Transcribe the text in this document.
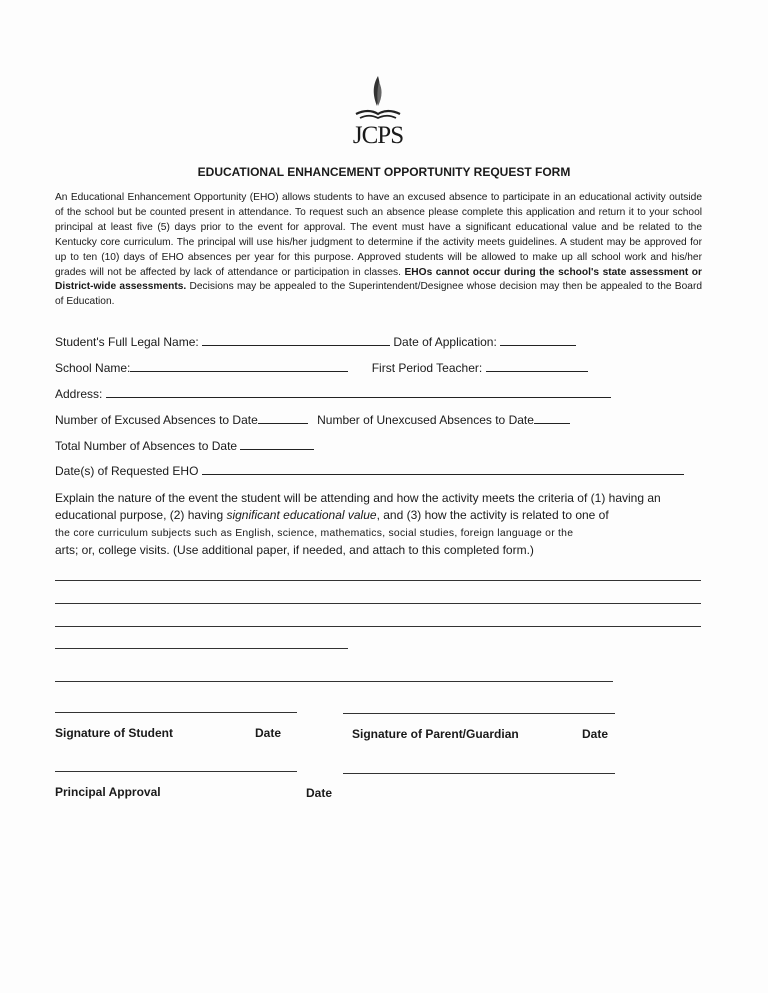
JCPS
EDUCATIONAL ENHANCEMENT OPPORTUNITY REQUEST FORM
An Educational Enhancement Opportunity (EHO) allows students to have an excused absence to participate in an educational activity outside of the school but be counted present in attendance. To request such an absence please complete this application and return it to your school principal at least five (5) days prior to the event for approval. The event must have a significant educational value and be related to the Kentucky core curriculum. The principal will use his/her judgment to determine if the activity meets guidelines. A student may be approved for up to ten (10) days of EHO absences per year for this purpose. Approved students will be allowed to make up all school work and his/her grades will not be affected by lack of attendance or participation in classes. EHOs cannot occur during the school's state assessment or District-wide assessments. Decisions may be appealed to the Superintendent/Designee whose decision may then be appealed to the Board of Education.
Student's Full Legal Name:	Date of Application:
School Name:	First Period Teacher:
Address:
Number of Excused Absences to Date	Number of Unexcused Absences to Date
Total Number of Absences to Date
Date(s) of Requested EHO
Explain the nature of the event the student will be attending and how the activity meets the criteria of (1) having an educational purpose, (2) having significant educational value, and (3) how the activity is related to one of
the core curriculum subjects such as English, science, mathematics, social studies, foreign language or the
arts; or, college visits. (Use additional paper, if needed, and attach to this completed form.)
Signature of Student	Date	Signature of Parent/Guardian	Date
Principal Approval	Date
